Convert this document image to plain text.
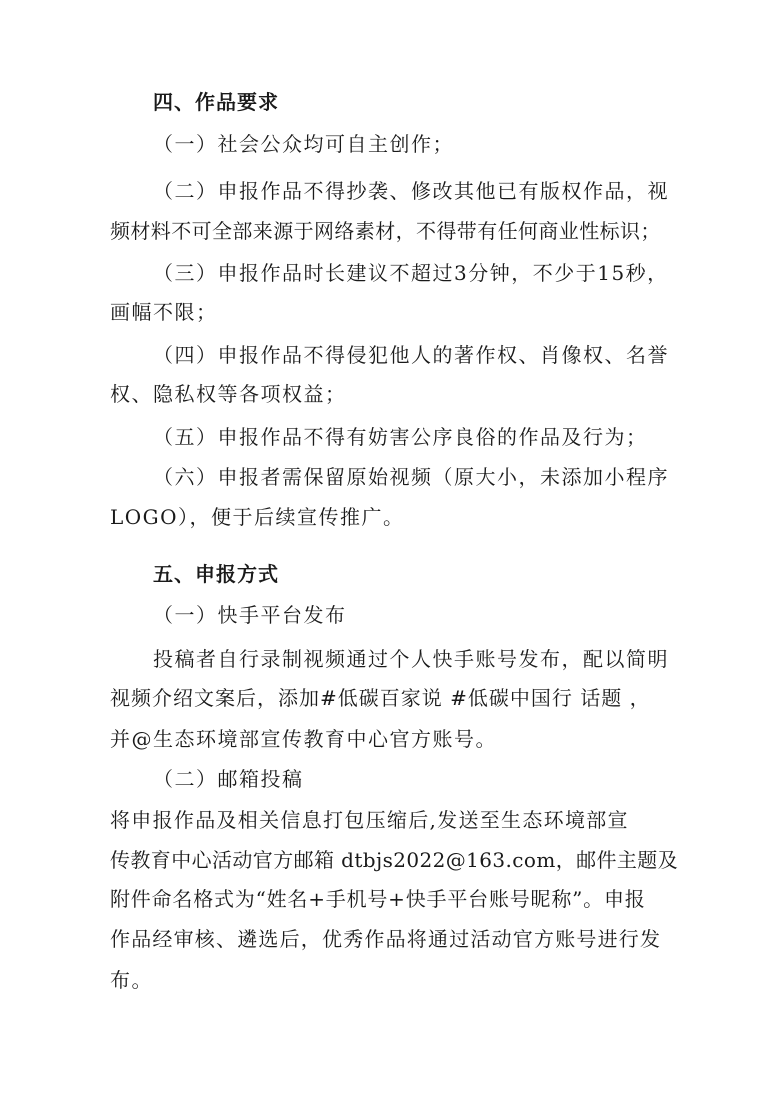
四、作品要求
（一）社会公众均可自主创作；
（二）申报作品不得抄袭、修改其他已有版权作品，视
频材料不可全部来源于网络素材，不得带有任何商业性标识；
（三）申报作品时长建议不超过3分钟，不少于15秒，
画幅不限；
（四）申报作品不得侵犯他人的著作权、肖像权、名誉
权、隐私权等各项权益；
（五）申报作品不得有妨害公序良俗的作品及行为；
（六）申报者需保留原始视频（原大小，未添加小程序
LOGO），便于后续宣传推广。
五、申报方式
（一）快手平台发布
投稿者自行录制视频通过个人快手账号发布，配以简明
视频介绍文案后，添加#低碳百家说 #低碳中国行 话题 ，
并@生态环境部宣传教育中心官方账号。
（二）邮箱投稿
将申报作品及相关信息打包压缩后,发送至生态环境部宣
传教育中心活动官方邮箱 dtbjs2022@163.com，邮件主题及
附件命名格式为“姓名+手机号+快手平台账号昵称”。申报
作品经审核、遴选后，优秀作品将通过活动官方账号进行发
布。
